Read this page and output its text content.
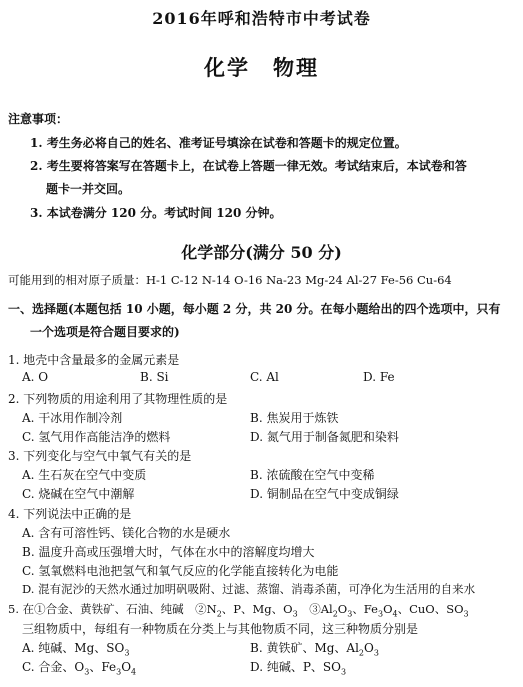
2016年呼和浩特市中考试卷
化学　物理
注意事项：
1. 考生务必将自己的姓名、准考证号填涂在试卷和答题卡的规定位置。
2. 考生要将答案写在答题卡上，在试卷上答题一律无效。考试结束后，本试卷和答
题卡一并交回。
3. 本试卷满分 120 分。考试时间 120 分钟。
化学部分(满分 50 分)
可能用到的相对原子质量：H-1 C-12 N-14 O-16 Na-23 Mg-24 Al-27 Fe-56 Cu-64
一、选择题(本题包括 10 小题，每小题 2 分，共 20 分。在每小题给出的四个选项中，只有
一个选项是符合题目要求的)
1. 地壳中含量最多的金属元素是
A. O	B. Si	C. Al	D. Fe
2. 下列物质的用途利用了其物理性质的是
A. 干冰用作制冷剂	B. 焦炭用于炼铁
C. 氢气用作高能洁净的燃料	D. 氮气用于制备氮肥和染料
3. 下列变化与空气中氧气有关的是
A. 生石灰在空气中变质	B. 浓硫酸在空气中变稀
C. 烧碱在空气中潮解	D. 铜制品在空气中变成铜绿
4. 下列说法中正确的是
A. 含有可溶性钙、镁化合物的水是硬水
B. 温度升高或压强增大时，气体在水中的溶解度均增大
C. 氢氧燃料电池把氢气和氧气反应的化学能直接转化为电能
D. 混有泥沙的天然水通过加明矾吸附、过滤、蒸馏、消毒杀菌，可净化为生活用的自来水
5. 在①合金、黄铁矿、石油、纯碱　$②N_2$、P、Mg、$O_3$　$③Al_2O_3$、$Fe_3O_4$、CuO、$SO_3$
三组物质中，每组有一种物质在分类上与其他物质不同，这三种物质分别是
A. 纯碱、Mg、$SO_3$	B. 黄铁矿、Mg、$Al_2O_3$
C. 合金、$O_3$、$Fe_3O_4$	D. 纯碱、P、$SO_3$
